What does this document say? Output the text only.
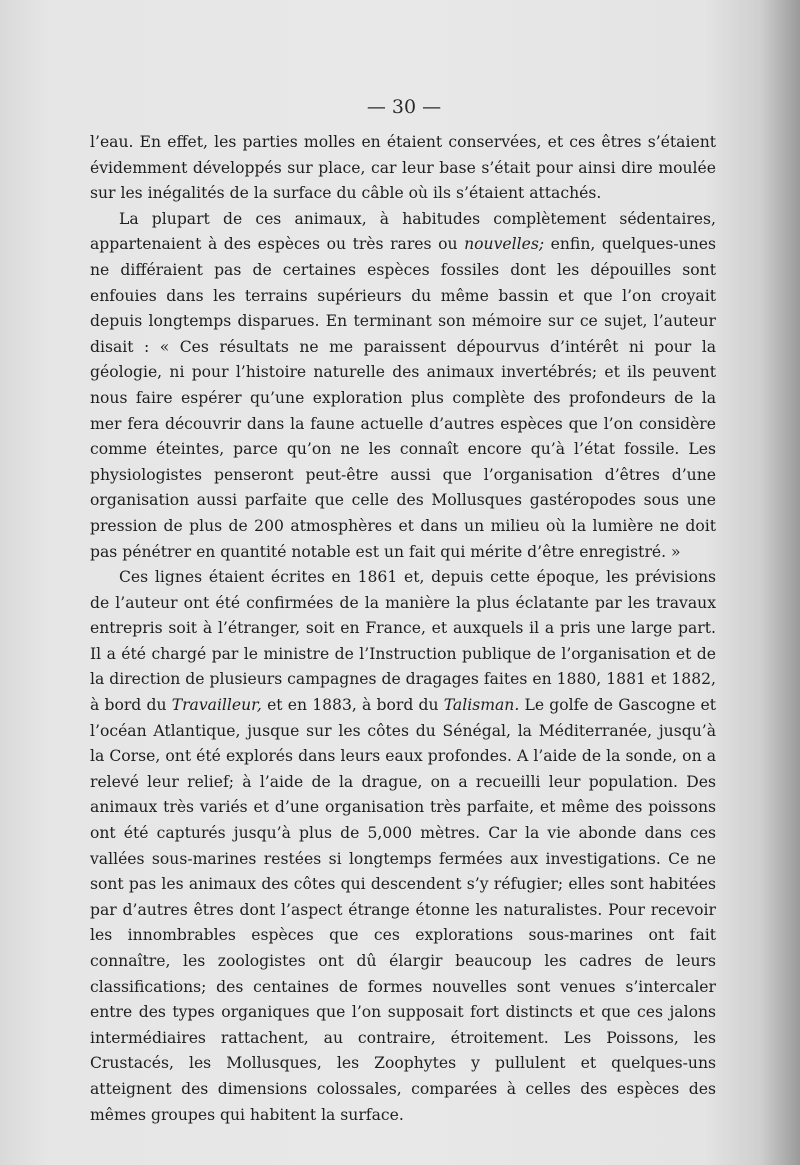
— 30 —

l’eau. En effet, les parties molles en étaient conservées, et ces êtres s’étaient évidemment développés sur place, car leur base s’était pour ainsi dire moulée sur les inégalités de la surface du câble où ils s’étaient attachés.

La plupart de ces animaux, à habitudes complètement sédentaires, appartenaient à des espèces ou très rares ou nouvelles; enfin, quelques-unes ne différaient pas de certaines espèces fossiles dont les dépouilles sont enfouies dans les terrains supérieurs du même bassin et que l’on croyait depuis longtemps disparues. En terminant son mémoire sur ce sujet, l’auteur disait : « Ces résultats ne me paraissent dépourvus d’intérêt ni pour la géologie, ni pour l’histoire naturelle des animaux invertébrés; et ils peuvent nous faire espérer qu’une exploration plus complète des profondeurs de la mer fera découvrir dans la faune actuelle d’autres espèces que l’on considère comme éteintes, parce qu’on ne les connaît encore qu’à l’état fossile. Les physiologistes penseront peut-être aussi que l’organisation d’êtres d’une organisation aussi parfaite que celle des Mollusques gastéropodes sous une pression de plus de 200 atmosphères et dans un milieu où la lumière ne doit pas pénétrer en quantité notable est un fait qui mérite d’être enregistré. »

Ces lignes étaient écrites en 1861 et, depuis cette époque, les prévisions de l’auteur ont été confirmées de la manière la plus éclatante par les travaux entrepris soit à l’étranger, soit en France, et auxquels il a pris une large part. Il a été chargé par le ministre de l’Instruction publique de l’organisation et de la direction de plusieurs campagnes de dragages faites en 1880, 1881 et 1882, à bord du Travailleur, et en 1883, à bord du Talisman. Le golfe de Gascogne et l’océan Atlantique, jusque sur les côtes du Sénégal, la Méditerranée, jusqu’à la Corse, ont été explorés dans leurs eaux profondes. A l’aide de la sonde, on a relevé leur relief; à l’aide de la drague, on a recueilli leur population. Des animaux très variés et d’une organisation très parfaite, et même des poissons ont été capturés jusqu’à plus de 5,000 mètres. Car la vie abonde dans ces vallées sous-marines restées si longtemps fermées aux investigations. Ce ne sont pas les animaux des côtes qui descendent s’y réfugier; elles sont habitées par d’autres êtres dont l’aspect étrange étonne les naturalistes. Pour recevoir les innombrables espèces que ces explorations sous-marines ont fait connaître, les zoologistes ont dû élargir beaucoup les cadres de leurs classifications; des centaines de formes nouvelles sont venues s’intercaler entre des types organiques que l’on supposait fort distincts et que ces jalons intermédiaires rattachent, au contraire, étroitement. Les Poissons, les Crustacés, les Mollusques, les Zoophytes y pullulent et quelques-uns atteignent des dimensions colossales, comparées à celles des espèces des mêmes groupes qui habitent la surface.
